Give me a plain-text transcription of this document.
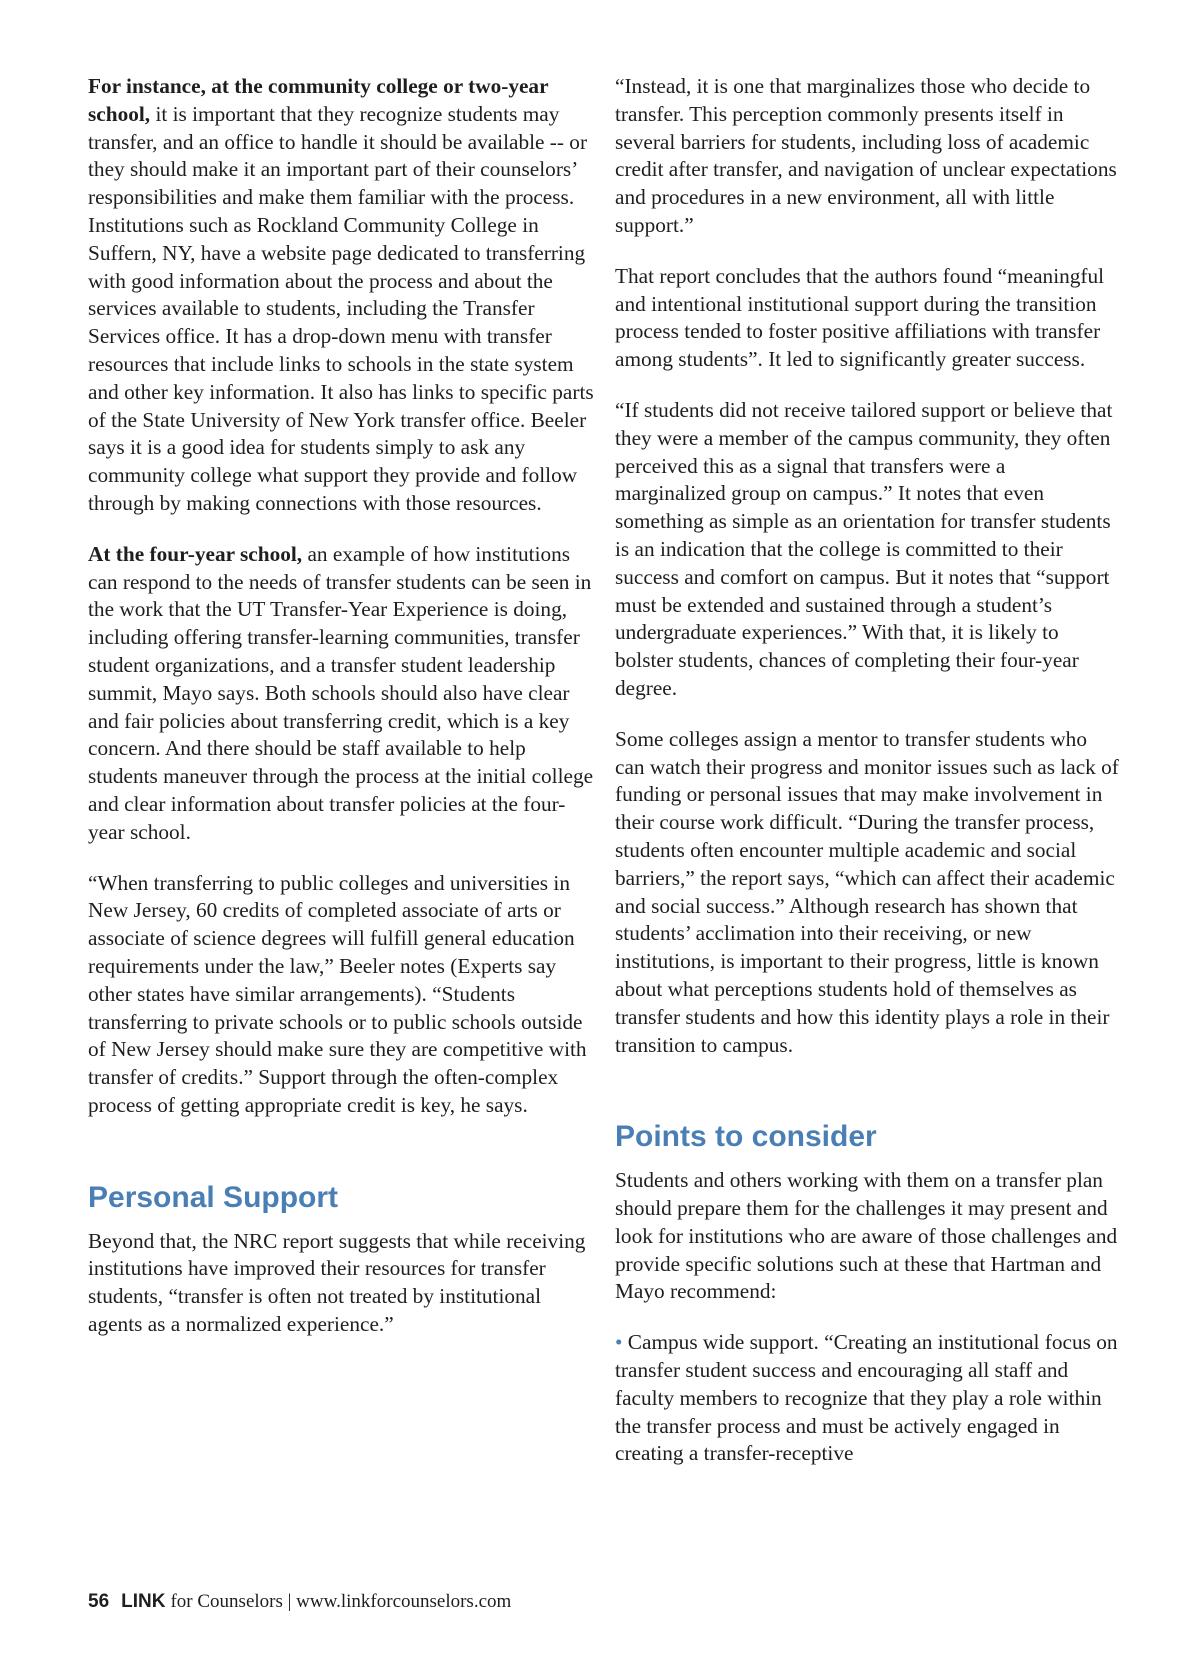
For instance, at the community college or two-year school, it is important that they recognize students may transfer, and an office to handle it should be available -- or they should make it an important part of their counselors’ responsibilities and make them familiar with the process. Institutions such as Rockland Community College in Suffern, NY, have a website page dedicated to transferring with good information about the process and about the services available to students, including the Transfer Services office. It has a drop-down menu with transfer resources that include links to schools in the state system and other key information. It also has links to specific parts of the State University of New York transfer office. Beeler says it is a good idea for students simply to ask any community college what support they provide and follow through by making connections with those resources.

At the four-year school, an example of how institutions can respond to the needs of transfer students can be seen in the work that the UT Transfer-Year Experience is doing, including offering transfer-learning communities, transfer student organizations, and a transfer student leadership summit, Mayo says. Both schools should also have clear and fair policies about transferring credit, which is a key concern. And there should be staff available to help students maneuver through the process at the initial college and clear information about transfer policies at the four-year school.

“When transferring to public colleges and universities in New Jersey, 60 credits of completed associate of arts or associate of science degrees will fulfill general education requirements under the law,” Beeler notes (Experts say other states have similar arrangements). “Students transferring to private schools or to public schools outside of New Jersey should make sure they are competitive with transfer of credits.” Support through the often-complex process of getting appropriate credit is key, he says.

Personal Support

Beyond that, the NRC report suggests that while receiving institutions have improved their resources for transfer students, “transfer is often not treated by institutional agents as a normalized experience.”

“Instead, it is one that marginalizes those who decide to transfer. This perception commonly presents itself in several barriers for students, including loss of academic credit after transfer, and navigation of unclear expectations and procedures in a new environment, all with little support.”

That report concludes that the authors found “meaningful and intentional institutional support during the transition process tended to foster positive affiliations with transfer among students”. It led to significantly greater success.

“If students did not receive tailored support or believe that they were a member of the campus community, they often perceived this as a signal that transfers were a marginalized group on campus.” It notes that even something as simple as an orientation for transfer students is an indication that the college is committed to their success and comfort on campus. But it notes that “support must be extended and sustained through a student’s undergraduate experiences.” With that, it is likely to bolster students, chances of completing their four-year degree.

Some colleges assign a mentor to transfer students who can watch their progress and monitor issues such as lack of funding or personal issues that may make involvement in their course work difficult. “During the transfer process, students often encounter multiple academic and social barriers,” the report says, “which can affect their academic and social success.” Although research has shown that students’ acclimation into their receiving, or new institutions, is important to their progress, little is known about what perceptions students hold of themselves as transfer students and how this identity plays a role in their transition to campus.

Points to consider

Students and others working with them on a transfer plan should prepare them for the challenges it may present and look for institutions who are aware of those challenges and provide specific solutions such at these that Hartman and Mayo recommend:

• Campus wide support. “Creating an institutional focus on transfer student success and encouraging all staff and faculty members to recognize that they play a role within the transfer process and must be actively engaged in creating a transfer-receptive

56 LINK for Counselors | www.linkforcounselors.com
